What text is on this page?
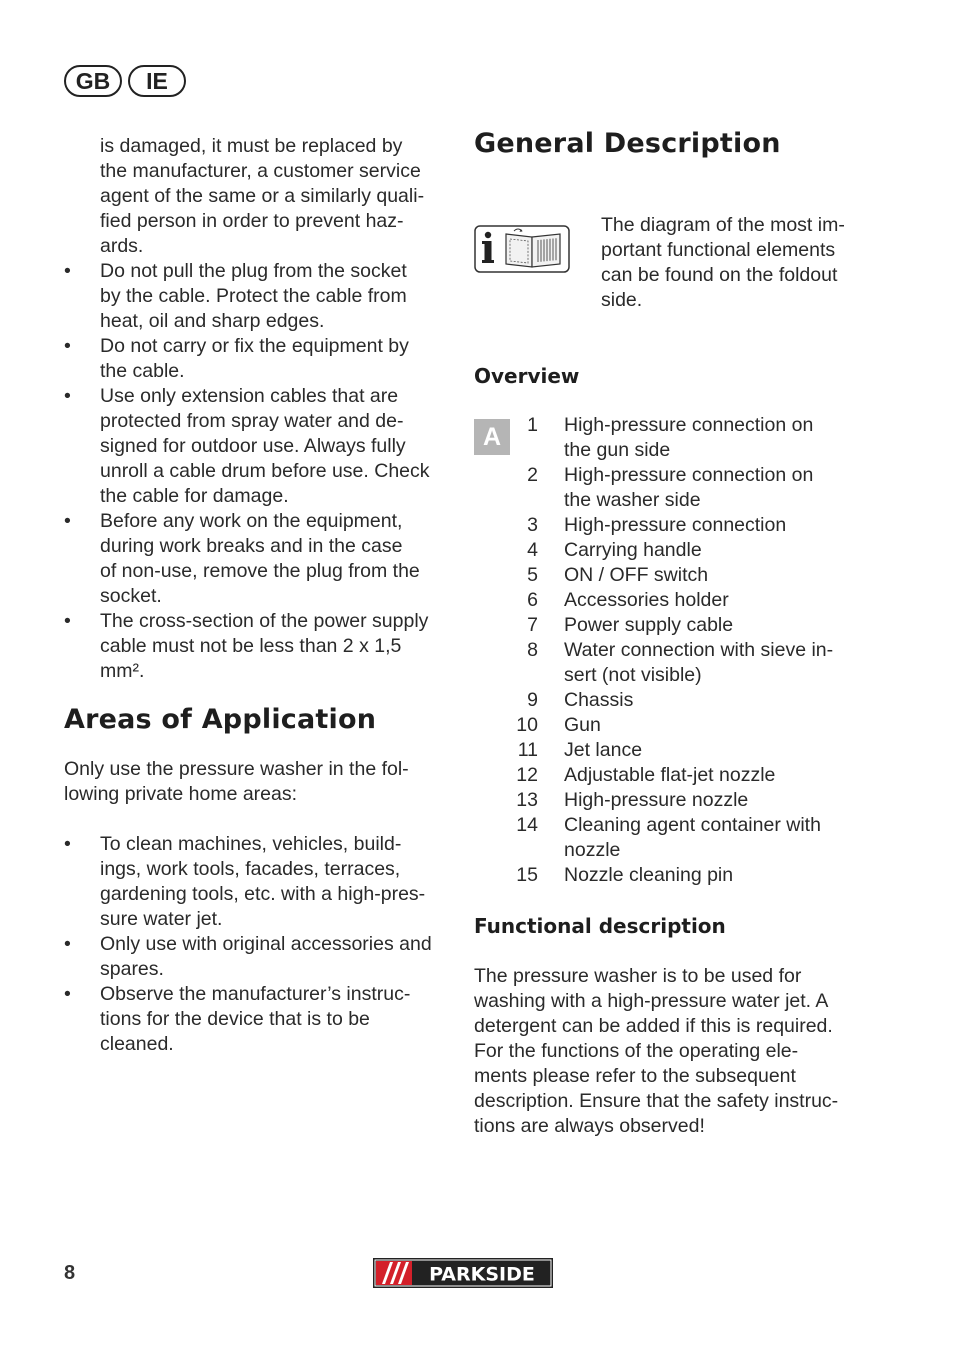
GB	IE
is damaged, it must be replaced by
the manufacturer, a customer service
agent of the same or a similarly quali-
fied person in order to prevent haz-
ards.
• Do not pull the plug from the socket
by the cable. Protect the cable from
heat, oil and sharp edges.
• Do not carry or fix the equipment by
the cable.
• Use only extension cables that are
protected from spray water and de-
signed for outdoor use. Always fully
unroll a cable drum before use. Check
the cable for damage.
• Before any work on the equipment,
during work breaks and in the case
of non-use, remove the plug from the
socket.
• The cross-section of the power supply
cable must not be less than 2 x 1,5
mm².
Areas of Application
Only use the pressure washer in the fol-
lowing private home areas:
• To clean machines, vehicles, build-
ings, work tools, facades, terraces,
gardening tools, etc. with a high-pres-
sure water jet.
• Only use with original accessories and
spares.
• Observe the manufacturer’s instruc-
tions for the device that is to be
cleaned.
General Description
The diagram of the most im-
portant functional elements
can be found on the foldout
side.
Overview
A	1 High-pressure connection on
the gun side
2 High-pressure connection on
the washer side
3 High-pressure connection
4 Carrying handle
5 ON / OFF switch
6 Accessories holder
7 Power supply cable
8 Water connection with sieve in-
sert (not visible)
9 Chassis
10 Gun
11 Jet lance
12 Adjustable flat-jet nozzle
13 High-pressure nozzle
14 Cleaning agent container with
nozzle
15 Nozzle cleaning pin
Functional description
The pressure washer is to be used for
washing with a high-pressure water jet. A
detergent can be added if this is required.
For the functions of the operating ele-
ments please refer to the subsequent
description. Ensure that the safety instruc-
tions are always observed!
8	PARKSIDE
